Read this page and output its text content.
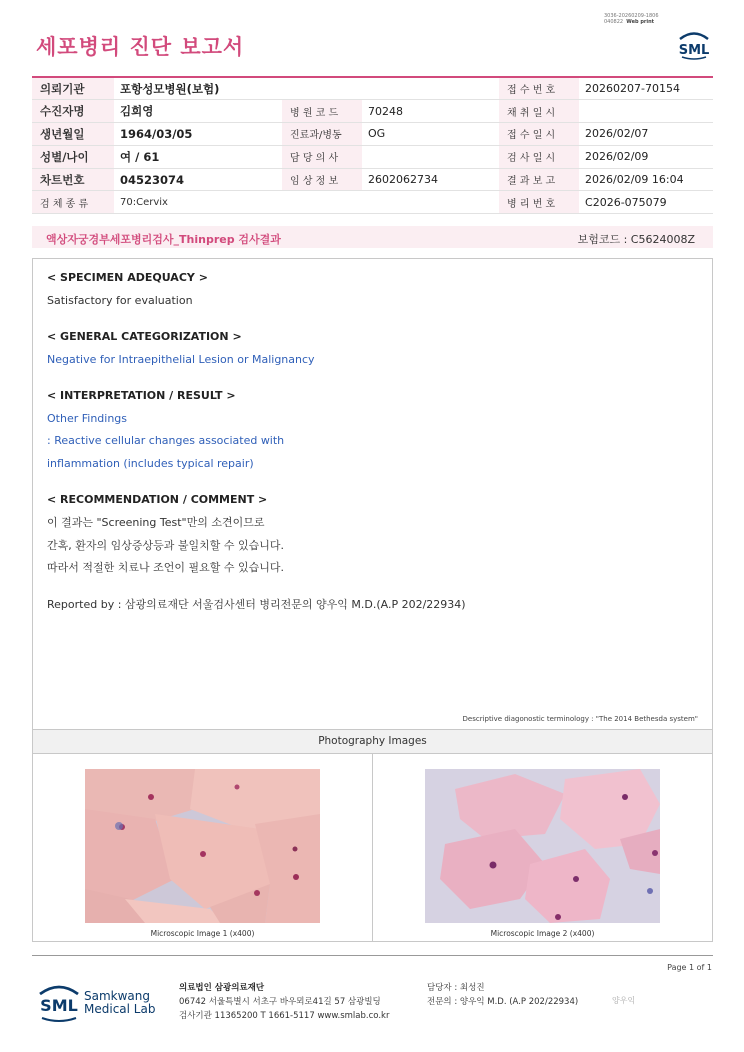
3036-20260209-1806
040822 Web print
세포병리 진단 보고서	SML
의뢰기관	포항성모병원(보험)			접 수 번 호	20260207-70154
수진자명	김희영	병 원 코 드	70248	채 취 일 시	
생년월일	1964/03/05	진료과/병동	OG	접 수 일 시	2026/02/07
성별/나이	여 / 61	담 당 의 사		검 사 일 시	2026/02/09
차트번호	04523074	임 상 정 보	2602062734	결 과 보 고	2026/02/09 16:04
검 체 종 류	70:Cervix			병 리 번 호	C2026-075079
액상자궁경부세포병리검사_Thinprep 검사결과	보험코드 : C5624008Z
< SPECIMEN ADEQUACY >
Satisfactory for evaluation
< GENERAL CATEGORIZATION >
Negative for Intraepithelial Lesion or Malignancy
< INTERPRETATION / RESULT >
Other Findings
: Reactive cellular changes associated with
inflammation (includes typical repair)
< RECOMMENDATION / COMMENT >
이 결과는 "Screening Test"만의 소견이므로
간혹, 환자의 임상증상등과 불일치할 수 있습니다.
따라서 적절한 치료나 조언이 필요할 수 있습니다.
Reported by : 삼광의료재단 서울검사센터 병리전문의 양우익 M.D.(A.P 202/22934)
Descriptive diagonostic terminology : "The 2014 Bethesda system"
Photography Images
Microscopic Image 1 (x400)	Microscopic Image 2 (x400)
Page 1 of 1
SML Samkwang
Medical Lab
의료법인 삼광의료재단
06742 서울특별시 서초구 바우뫼로41길 57 삼광빌딩
검사기관 11365200 T 1661-5117 www.smlab.co.kr
담당자 : 최성진
전문의 : 양우익 M.D. (A.P 202/22934)	양우익
